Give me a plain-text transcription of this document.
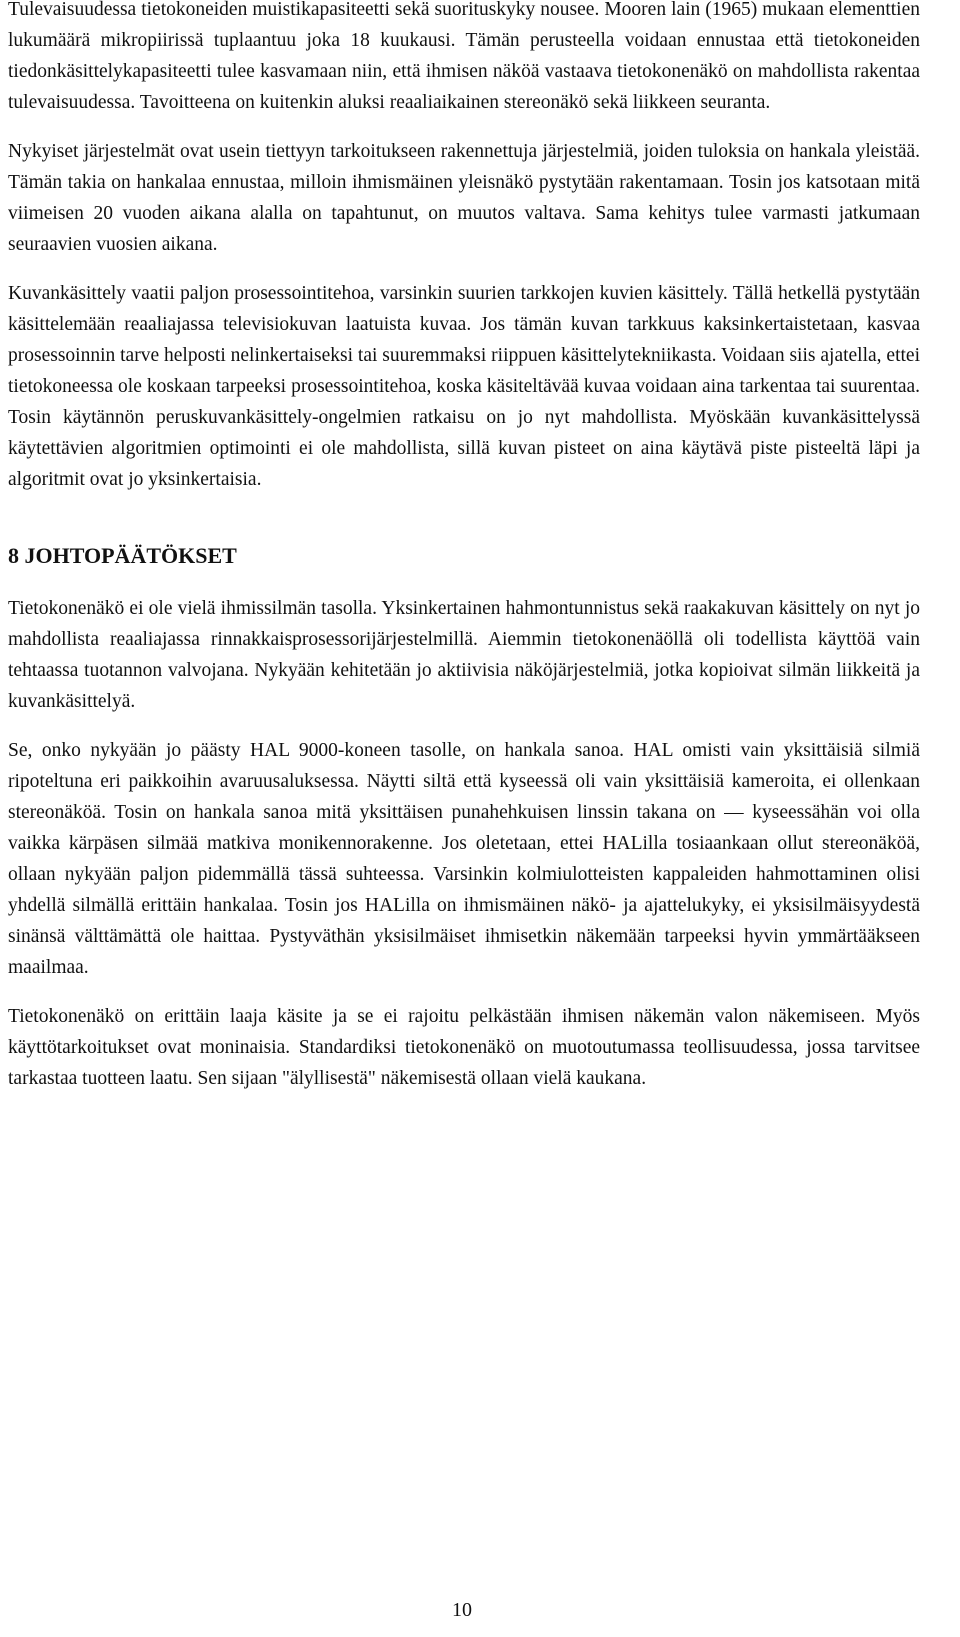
Tulevaisuudessa tietokoneiden muistikapasiteetti sekä suorituskyky nousee. Mooren lain (1965) mukaan elementtien lukumäärä mikropiirissä tuplaantuu joka 18 kuukausi. Tämän perusteella voidaan ennustaa että tietokoneiden tiedonkäsittelykapasiteetti tulee kasvamaan niin, että ihmisen näköä vastaava tietokonenäkö on mahdollista rakentaa tulevaisuudessa. Tavoitteena on kuitenkin aluksi reaaliaikainen stereonäkö sekä liikkeen seuranta.

Nykyiset järjestelmät ovat usein tiettyyn tarkoitukseen rakennettuja järjestelmiä, joiden tuloksia on hankala yleistää. Tämän takia on hankalaa ennustaa, milloin ihmismäinen yleisnäkö pystytään rakentamaan. Tosin jos katsotaan mitä viimeisen 20 vuoden aikana alalla on tapahtunut, on muutos valtava. Sama kehitys tulee varmasti jatkumaan seuraavien vuosien aikana.

Kuvankäsittely vaatii paljon prosessointitehoa, varsinkin suurien tarkkojen kuvien käsittely. Tällä hetkellä pystytään käsittelemään reaaliajassa televisiokuvan laatuista kuvaa. Jos tämän kuvan tarkkuus kaksinkertaistetaan, kasvaa prosessoinnin tarve helposti nelinkertaiseksi tai suuremmaksi riippuen käsittelytekniikasta. Voidaan siis ajatella, ettei tietokoneessa ole koskaan tarpeeksi prosessointitehoa, koska käsiteltävää kuvaa voidaan aina tarkentaa tai suurentaa. Tosin käytännön peruskuvankäsittely-ongelmien ratkaisu on jo nyt mahdollista. Myöskään kuvankäsittelyssä käytettävien algoritmien optimointi ei ole mahdollista, sillä kuvan pisteet on aina käytävä piste pisteeltä läpi ja algoritmit ovat jo yksinkertaisia.

8 JOHTOPÄÄTÖKSET

Tietokonenäkö ei ole vielä ihmissilmän tasolla. Yksinkertainen hahmontunnistus sekä raakakuvan käsittely on nyt jo mahdollista reaaliajassa rinnakkaisprosessorijärjestelmillä. Aiemmin tietokonenäöllä oli todellista käyttöä vain tehtaassa tuotannon valvojana. Nykyään kehitetään jo aktiivisia näköjärjestelmiä, jotka kopioivat silmän liikkeitä ja kuvankäsittelyä.

Se, onko nykyään jo päästy HAL 9000-koneen tasolle, on hankala sanoa. HAL omisti vain yksittäisiä silmiä ripoteltuna eri paikkoihin avaruusaluksessa. Näytti siltä että kyseessä oli vain yksittäisiä kameroita, ei ollenkaan stereonäköä. Tosin on hankala sanoa mitä yksittäisen punahehkuisen linssin takana on — kyseessähän voi olla vaikka kärpäsen silmää matkiva monikennorakenne. Jos oletetaan, ettei HALilla tosiaankaan ollut stereonäköä, ollaan nykyään paljon pidemmällä tässä suhteessa. Varsinkin kolmiulotteisten kappaleiden hahmottaminen olisi yhdellä silmällä erittäin hankalaa. Tosin jos HALilla on ihmismäinen näkö- ja ajattelukyky, ei yksisilmäisyydestä sinänsä välttämättä ole haittaa. Pystyväthän yksisilmäiset ihmisetkin näkemään tarpeeksi hyvin ymmärtääkseen maailmaa.

Tietokonenäkö on erittäin laaja käsite ja se ei rajoitu pelkästään ihmisen näkemän valon näkemiseen. Myös käyttötarkoitukset ovat moninaisia. Standardiksi tietokonenäkö on muotoutumassa teollisuudessa, jossa tarvitsee tarkastaa tuotteen laatu. Sen sijaan "älyllisestä" näkemisestä ollaan vielä kaukana.

10
